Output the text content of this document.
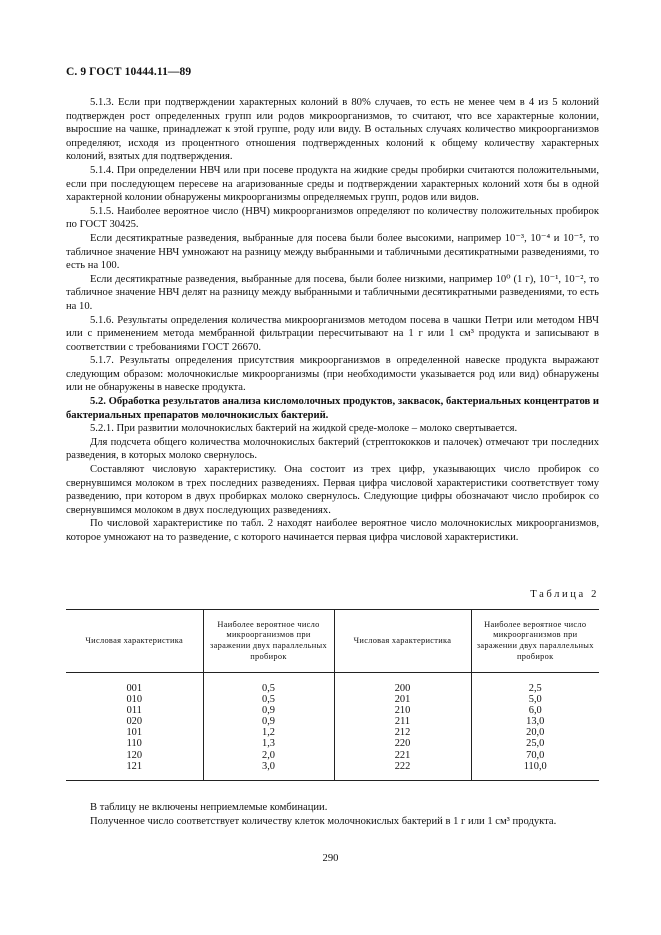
С. 9 ГОСТ 10444.11—89

5.1.3. Если при подтверждении характерных колоний в 80% случаев, то есть не менее чем в 4 из 5 колоний подтвержден рост определенных групп или родов микроорганизмов, то считают, что все характерные колонии, выросшие на чашке, принадлежат к этой группе, роду или виду. В остальных случаях количество микроорганизмов определяют, исходя из процентного отношения подтвержденных колоний к общему количеству характерных колоний, взятых для подтверждения.

5.1.4. При определении НВЧ или при посеве продукта на жидкие среды пробирки считаются положительными, если при последующем пересеве на агаризованные среды и подтверждении характерных колоний хотя бы в одной характерной колонии обнаружены микроорганизмы определяемых групп, родов или видов.

5.1.5. Наиболее вероятное число (НВЧ) микроорганизмов определяют по количеству положительных пробирок по ГОСТ 30425.

Если десятикратные разведения, выбранные для посева были более высокими, например 10⁻³, 10⁻⁴ и 10⁻⁵, то табличное значение НВЧ умножают на разницу между выбранными и табличными десятикратными разведениями, то есть на 100.

Если десятикратные разведения, выбранные для посева, были более низкими, например 10⁰ (1 г), 10⁻¹, 10⁻², то табличное значение НВЧ делят на разницу между выбранными и табличными десятикратными разведениями, то есть на 10.

5.1.6. Результаты определения количества микроорганизмов методом посева в чашки Петри или методом НВЧ или с применением метода мембранной фильтрации пересчитывают на 1 г или 1 см³ продукта и записывают в соответствии с требованиями ГОСТ 26670.

5.1.7. Результаты определения присутствия микроорганизмов в определенной навеске продукта выражают следующим образом: молочнокислые микроорганизмы (при необходимости указывается род или вид) обнаружены или не обнаружены в навеске продукта.

5.2. Обработка результатов анализа кисломолочных продуктов, заквасок, бактериальных концентратов и бактериальных препаратов молочнокислых бактерий.

5.2.1. При развитии молочнокислых бактерий на жидкой среде-молоке – молоко свертывается.

Для подсчета общего количества молочнокислых бактерий (стрептококков и палочек) отмечают три последних разведения, в которых молоко свернулось.

Составляют числовую характеристику. Она состоит из трех цифр, указывающих число пробирок со свернувшимся молоком в трех последних разведениях. Первая цифра числовой характеристики соответствует тому разведению, при котором в двух пробирках молоко свернулось. Следующие цифры обозначают число пробирок со свернувшимся молоком в двух последующих разведениях.

По числовой характеристике по табл. 2 находят наиболее вероятное число молочнокислых микроорганизмов, которое умножают на то разведение, с которого начинается первая цифра числовой характеристики.

Таблица 2
Числовая характеристика	Наиболее вероятное число микроорганизмов при заражении двух параллельных пробирок	Числовая характеристика	Наиболее вероятное число микроорганизмов при заражении двух параллельных пробирок
001	0,5	200	2,5
010	0,5	201	5,0
011	0,9	210	6,0
020	0,9	211	13,0
101	1,2	212	20,0
110	1,3	220	25,0
120	2,0	221	70,0
121	3,0	222	110,0

В таблицу не включены неприемлемые комбинации.

Полученное число соответствует количеству клеток молочнокислых бактерий в 1 г или 1 см³ продукта.

290
